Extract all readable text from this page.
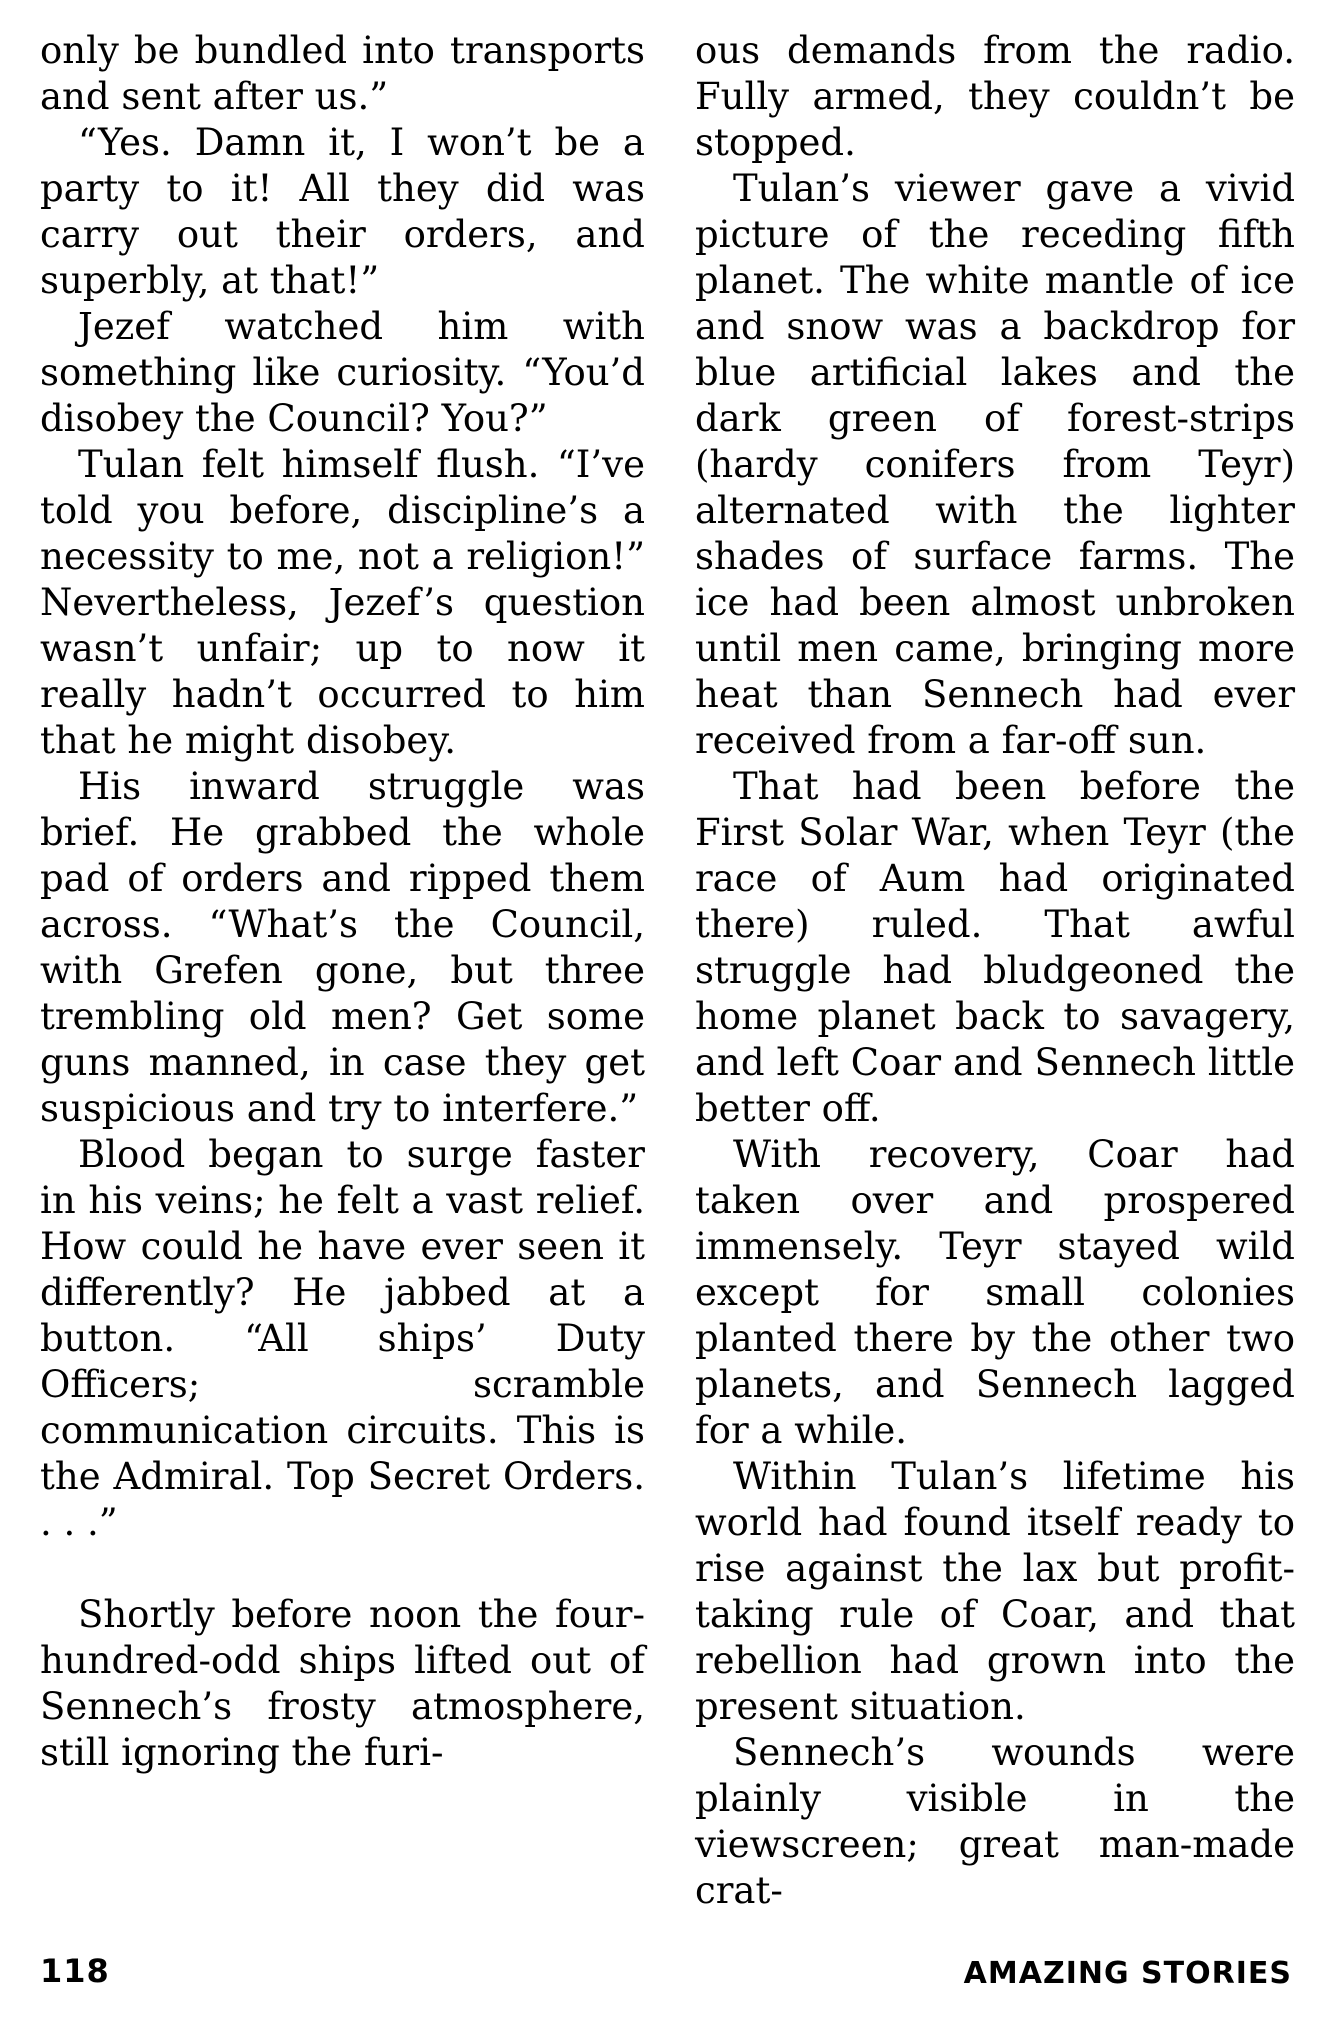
only be bundled into transports and sent after us.”

“Yes. Damn it, I won’t be a party to it! All they did was carry out their orders, and superbly, at that!”

Jezef watched him with something like curiosity. “You’d disobey the Council? You?”

Tulan felt himself flush. “I’ve told you before, discipline’s a necessity to me, not a religion!” Nevertheless, Jezef’s question wasn’t unfair; up to now it really hadn’t occurred to him that he might disobey.

His inward struggle was brief. He grabbed the whole pad of orders and ripped them across. “What’s the Council, with Grefen gone, but three trembling old men? Get some guns manned, in case they get suspicious and try to interfere.”

Blood began to surge faster in his veins; he felt a vast relief. How could he have ever seen it differently? He jabbed at a button. “All ships’ Duty Officers; scramble communication circuits. This is the Admiral. Top Secret Orders. . . .”

Shortly before noon the four-hundred-odd ships lifted out of Sennech’s frosty atmosphere, still ignoring the furi-

ous demands from the radio. Fully armed, they couldn’t be stopped.

Tulan’s viewer gave a vivid picture of the receding fifth planet. The white mantle of ice and snow was a backdrop for blue artificial lakes and the dark green of forest-strips (hardy conifers from Teyr) alternated with the lighter shades of surface farms. The ice had been almost unbroken until men came, bringing more heat than Sennech had ever received from a far-off sun.

That had been before the First Solar War, when Teyr (the race of Aum had originated there) ruled. That awful struggle had bludgeoned the home planet back to savagery, and left Coar and Sennech little better off.

With recovery, Coar had taken over and prospered immensely. Teyr stayed wild except for small colonies planted there by the other two planets, and Sennech lagged for a while.

Within Tulan’s lifetime his world had found itself ready to rise against the lax but profit-taking rule of Coar, and that rebellion had grown into the present situation.

Sennech’s wounds were plainly visible in the viewscreen; great man-made crat-

118	AMAZING STORIES
